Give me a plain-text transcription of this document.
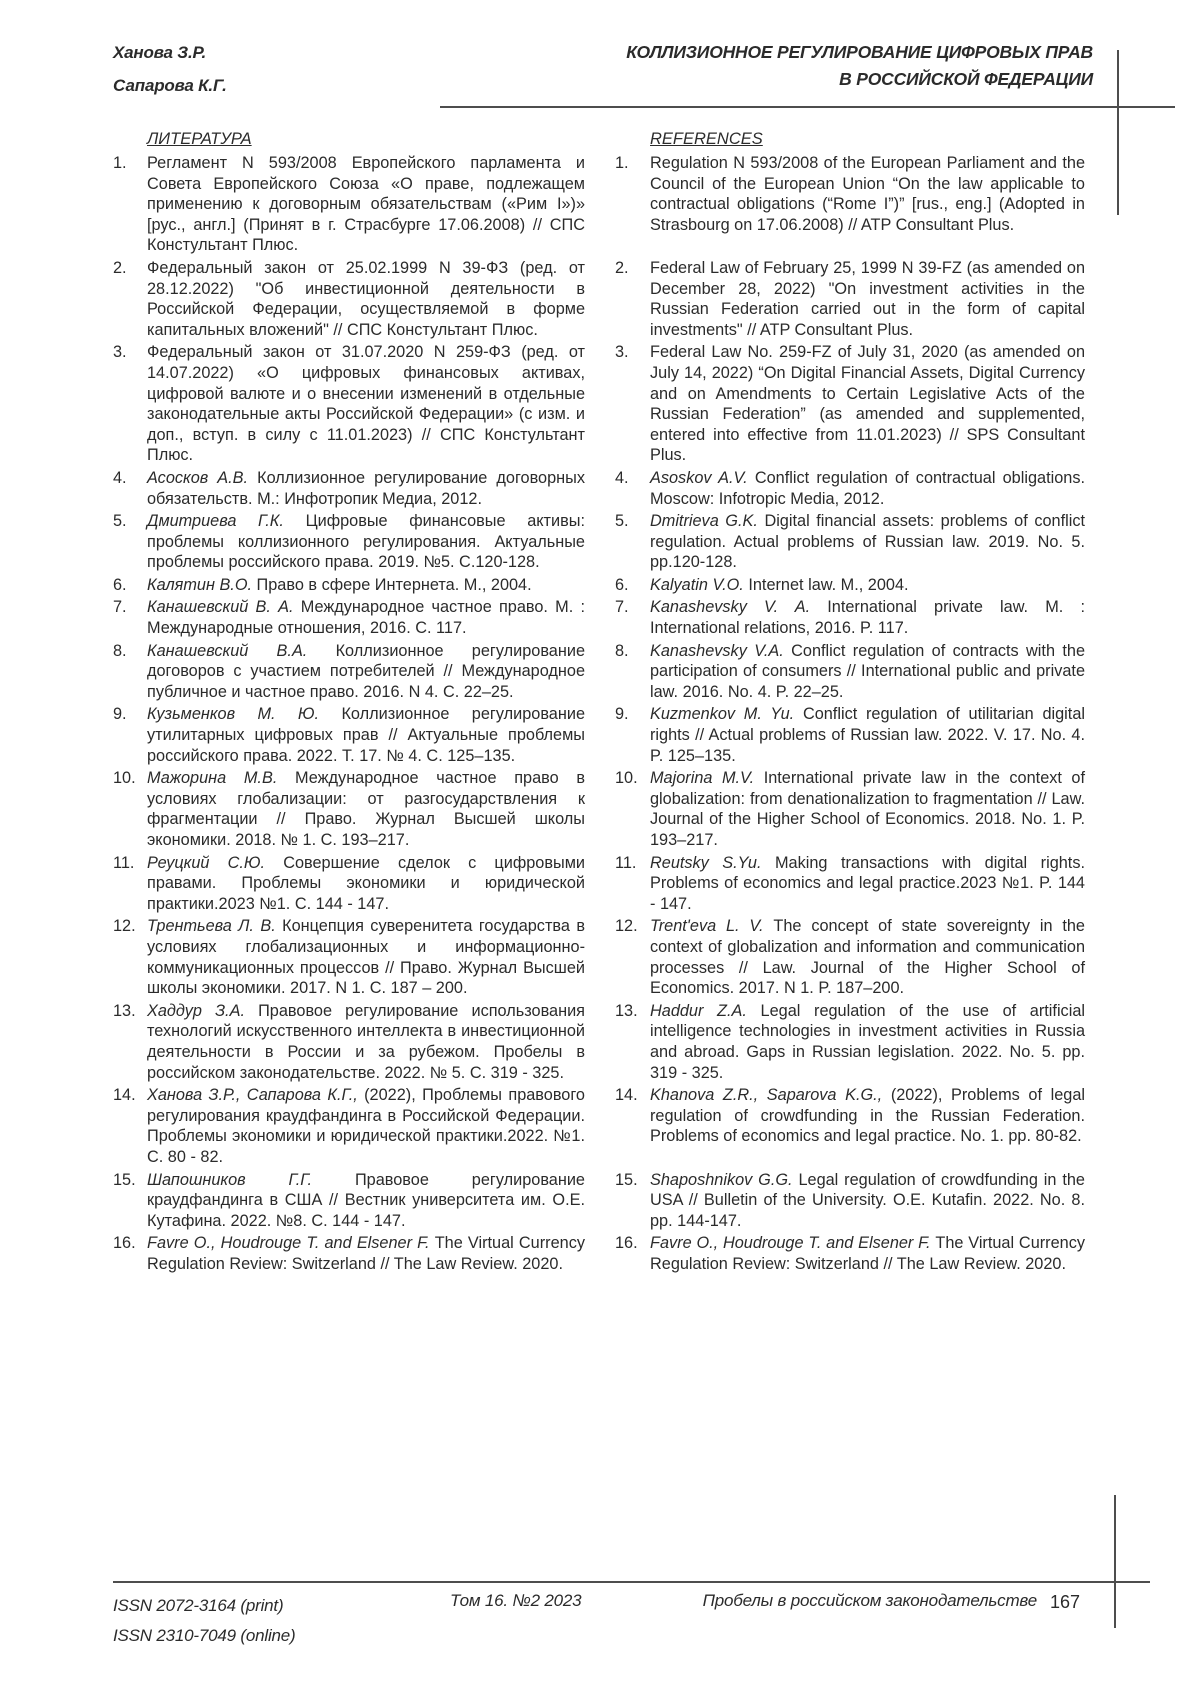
Ханова З.Р.
Сапарова К.Г.
КОЛЛИЗИОННОЕ РЕГУЛИРОВАНИЕ ЦИФРОВЫХ ПРАВ
В РОССИЙСКОЙ ФЕДЕРАЦИИ
ЛИТЕРАТУРА	REFERENCES
1.	Регламент N 593/2008 Европейского парламента и Совета Европейского Союза «О праве, подлежащем применению к договорным обязательствам («Рим I»)» [рус., англ.] (Принят в г. Страсбурге 17.06.2008) // СПС Констультант Плюс.
1.	Regulation N 593/2008 of the European Parliament and the Council of the European Union “On the law applicable to contractual obligations (“Rome I”)” [rus., eng.] (Adopted in Strasbourg on 17.06.2008) // ATP Consultant Plus.
2.	Федеральный закон от 25.02.1999 N 39-ФЗ (ред. от 28.12.2022) "Об инвестиционной деятельности в Российской Федерации, осуществляемой в форме капитальных вложений" // СПС Констультант Плюс.
2.	Federal Law of February 25, 1999 N 39-FZ (as amended on December 28, 2022) "On investment activities in the Russian Federation carried out in the form of capital investments" // ATP Consultant Plus.
3.	Федеральный закон от 31.07.2020 N 259-ФЗ (ред. от 14.07.2022) «О цифровых финансовых активах, цифровой валюте и о внесении изменений в отдельные законодательные акты Российской Федерации» (с изм. и доп., вступ. в силу с 11.01.2023) // СПС Констультант Плюс.
3.	Federal Law No. 259-FZ of July 31, 2020 (as amended on July 14, 2022) “On Digital Financial Assets, Digital Currency and on Amendments to Certain Legislative Acts of the Russian Federation” (as amended and supplemented, entered into effective from 11.01.2023) // SPS Consultant Plus.
4.	Асосков А.В. Коллизионное регулирование договорных обязательств. М.: Инфотропик Медиа, 2012.
4.	Asoskov A.V. Conflict regulation of contractual obligations. Moscow: Infotropic Media, 2012.
5.	Дмитриева Г.К. Цифровые финансовые активы: проблемы коллизионного регулирования. Актуальные проблемы российского права. 2019. №5. С.120-128.
5.	Dmitrieva G.K. Digital financial assets: problems of conflict regulation. Actual problems of Russian law. 2019. No. 5. pp.120-128.
6.	Калятин В.О. Право в сфере Интернета. М., 2004.	6.	Kalyatin V.O. Internet law. M., 2004.
7.	Канашевский В. А. Международное частное право. М. : Международные отношения, 2016. С. 117.
7.	Kanashevsky V. A. International private law. M. : International relations, 2016. P. 117.
8.	Канашевский В.А. Коллизионное регулирование договоров с участием потребителей // Международное публичное и частное право. 2016. N 4. С. 22–25.
8.	Kanashevsky V.A. Conflict regulation of contracts with the participation of consumers // International public and private law. 2016. No. 4. P. 22–25.
9.	Кузьменков М. Ю. Коллизионное регулирование утилитарных цифровых прав // Актуальные проблемы российского права. 2022. Т. 17. № 4. С. 125–135.
9.	Kuzmenkov M. Yu. Conflict regulation of utilitarian digital rights // Actual problems of Russian law. 2022. V. 17. No. 4. P. 125–135.
10. Мажорина М.В. Международное частное право в условиях глобализации: от разгосударствления к фрагментации // Право. Журнал Высшей школы экономики. 2018. № 1. С. 193–217.
10. Majorina M.V. International private law in the context of globalization: from denationalization to fragmentation // Law. Journal of the Higher School of Economics. 2018. No. 1. P. 193–217.
11. Реуцкий С.Ю. Совершение сделок с цифровыми правами. Проблемы экономики и юридической практики.2023 №1. С. 144 - 147.
11. Reutsky S.Yu. Making transactions with digital rights. Problems of economics and legal practice.2023 №1. P. 144 - 147.
12. Трентьева Л. В. Концепция суверенитета государства в условиях глобализационных и информационно-коммуникационных процессов // Право. Журнал Высшей школы экономики. 2017. N 1. С. 187 – 200.
12. Trent'eva L. V. The concept of state sovereignty in the context of globalization and information and communication processes // Law. Journal of the Higher School of Economics. 2017. N 1. P. 187–200.
13. Хаддур З.А. Правовое регулирование использования технологий искусственного интеллекта в инвестиционной деятельности в России и за рубежом. Пробелы в российском законодательстве. 2022. № 5. С. 319 - 325.
13. Haddur Z.A. Legal regulation of the use of artificial intelligence technologies in investment activities in Russia and abroad. Gaps in Russian legislation. 2022. No. 5. pp. 319 - 325.
14. Ханова З.Р., Сапарова К.Г., (2022), Проблемы правового регулирования краудфандинга в Российской Федерации. Проблемы экономики и юридической практики.2022. №1. С. 80 - 82.
14. Khanova Z.R., Saparova K.G., (2022), Problems of legal regulation of crowdfunding in the Russian Federation. Problems of economics and legal practice. No. 1. pp. 80-82.
15. Шапошников Г.Г. Правовое регулирование краудфандинга в США // Вестник университета им. О.Е. Кутафина. 2022. №8. С. 144 - 147.
15. Shaposhnikov G.G. Legal regulation of crowdfunding in the USA // Bulletin of the University. O.E. Kutafin. 2022. No. 8. pp. 144-147.
16. Favre O., Houdrouge T. and Elsener F. The Virtual Currency Regulation Review: Switzerland // The Law Review. 2020.
16. Favre O., Houdrouge T. and Elsener F. The Virtual Currency Regulation Review: Switzerland // The Law Review. 2020.
ISSN 2072-3164 (print)
ISSN 2310-7049 (online)
Том 16. №2 2023	Пробелы в российском законодательстве 167
